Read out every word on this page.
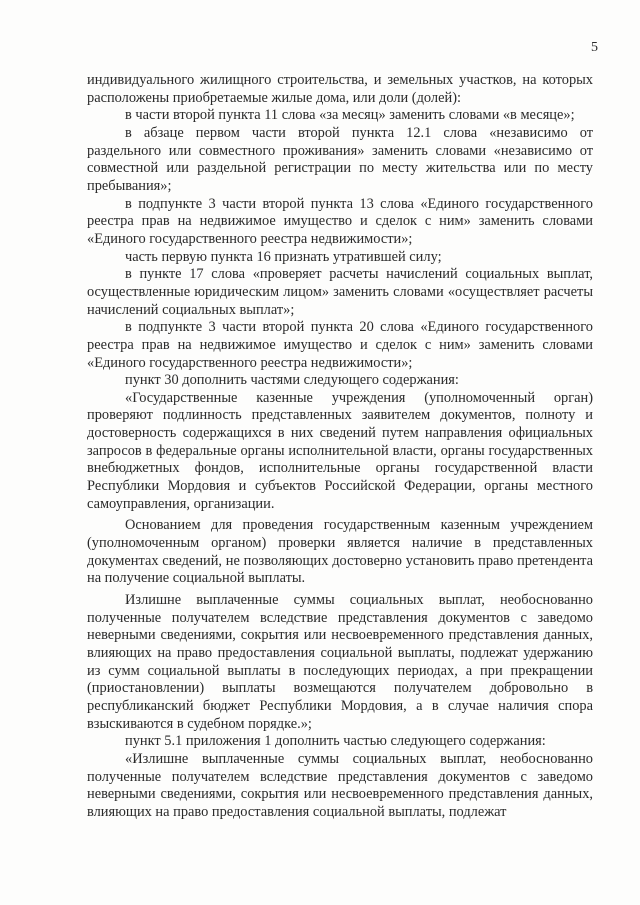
5

индивидуального жилищного строительства, и земельных участков, на которых расположены приобретаемые жилые дома, или доли (долей):

в части второй пункта 11 слова «за месяц» заменить словами «в месяце»;

в абзаце первом части второй пункта 12.1 слова «независимо от раздельного или совместного проживания» заменить словами «независимо от совместной или раздельной регистрации по месту жительства или по месту пребывания»;

в подпункте 3 части второй пункта 13 слова «Единого государственного реестра прав на недвижимое имущество и сделок с ним» заменить словами «Единого государственного реестра недвижимости»;

часть первую пункта 16 признать утратившей силу;

в пункте 17 слова «проверяет расчеты начислений социальных выплат, осуществленные юридическим лицом» заменить словами «осуществляет расчеты начислений социальных выплат»;

в подпункте 3 части второй пункта 20 слова «Единого государственного реестра прав на недвижимое имущество и сделок с ним» заменить словами «Единого государственного реестра недвижимости»;

пункт 30 дополнить частями следующего содержания:

«Государственные казенные учреждения (уполномоченный орган) проверяют подлинность представленных заявителем документов, полноту и достоверность содержащихся в них сведений путем направления официальных запросов в федеральные органы исполнительной власти, органы государственных внебюджетных фондов, исполнительные органы государственной власти Республики Мордовия и субъектов Российской Федерации, органы местного самоуправления, организации.

Основанием для проведения государственным казенным учреждением (уполномоченным органом) проверки является наличие в представленных документах сведений, не позволяющих достоверно установить право претендента на получение социальной выплаты.

Излишне выплаченные суммы социальных выплат, необоснованно полученные получателем вследствие представления документов с заведомо неверными сведениями, сокрытия или несвоевременного представления данных, влияющих на право предоставления социальной выплаты, подлежат удержанию из сумм социальной выплаты в последующих периодах, а при прекращении (приостановлении) выплаты возмещаются получателем добровольно в республиканский бюджет Республики Мордовия, а в случае наличия спора взыскиваются в судебном порядке.»;

пункт 5.1 приложения 1 дополнить частью следующего содержания:

«Излишне выплаченные суммы социальных выплат, необоснованно полученные получателем вследствие представления документов с заведомо неверными сведениями, сокрытия или несвоевременного представления данных, влияющих на право предоставления социальной выплаты, подлежат
